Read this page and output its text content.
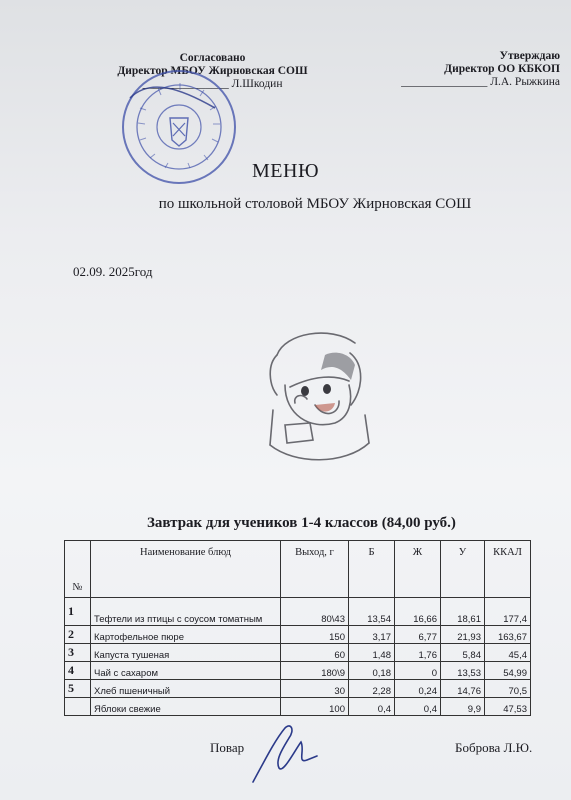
Согласовано
Директор МБОУ Жирновская СОШ
_______________ Л.Шкодин
Утверждаю
Директор ОО КБКОП
_______________ Л.А. Рыжкина
МЕНЮ
по школьной столовой МБОУ Жирновская СОШ
02.09. 2025год
Завтрак для учеников 1-4 классов (84,00 руб.)
№	Наименование блюд	Выход, г	Б	Ж	У	ККАЛ
1	Тефтели из птицы с соусом томатным	80\43	13,54	16,66	18,61	177,4
2	Картофельное пюре	150	3,17	6,77	21,93	163,67
3	Капуста тушеная	60	1,48	1,76	5,84	45,4
4	Чай с сахаром	180\9	0,18	0	13,53	54,99
5	Хлеб пшеничный	30	2,28	0,24	14,76	70,5
	Яблоки свежие	100	0,4	0,4	9,9	47,53
Повар	Боброва Л.Ю.
